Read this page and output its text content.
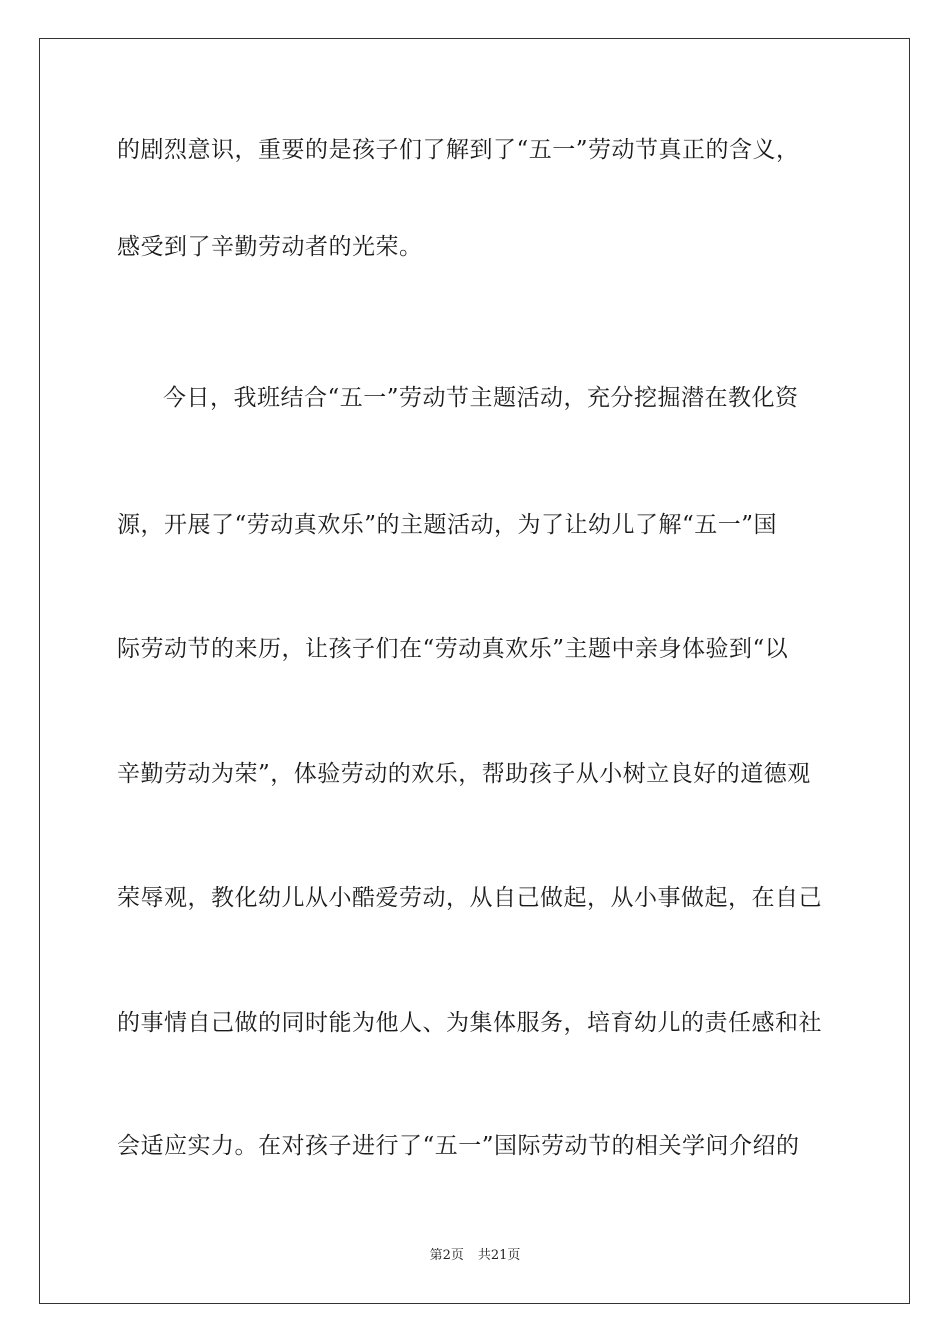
的剧烈意识，重要的是孩子们了解到了“五一”劳动节真正的含义，
感受到了辛勤劳动者的光荣。
今日，我班结合“五一”劳动节主题活动，充分挖掘潜在教化资
源，开展了“劳动真欢乐”的主题活动，为了让幼儿了解“五一”国
际劳动节的来历，让孩子们在“劳动真欢乐”主题中亲身体验到“以
辛勤劳动为荣”，体验劳动的欢乐，帮助孩子从小树立良好的道德观
荣辱观，教化幼儿从小酷爱劳动，从自己做起，从小事做起，在自己
的事情自己做的同时能为他人、为集体服务，培育幼儿的责任感和社
会适应实力。在对孩子进行了“五一”国际劳动节的相关学问介绍的
第2页 共21页
